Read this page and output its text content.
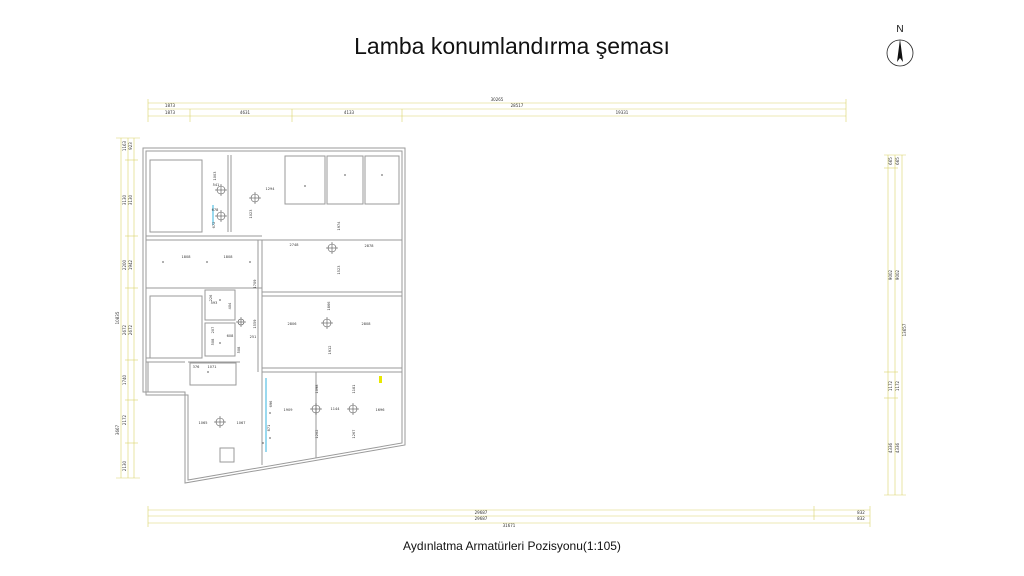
Lamba konumlandırma şeması
N
30265
28517
1873
1873	4631	4133	19331
29687
29687
31671
832
832
1163 923
3130 3130
2200 1942
2672 2672
1740
2172
2130
10835
3667
665 665
9002 9002
13657
1172 1172
4336 4336
1003
541
1294
678
672
1023
2748
1974
2878
1808	1808
1523
1709
226
593	404
2806
1866
2808
207
608
1559
508
251
508	1912
376 1071
696
1098	1181
1909	1144	1696
1065	1067
871
1202	1267
Aydınlatma Armatürleri Pozisyonu(1:105)
